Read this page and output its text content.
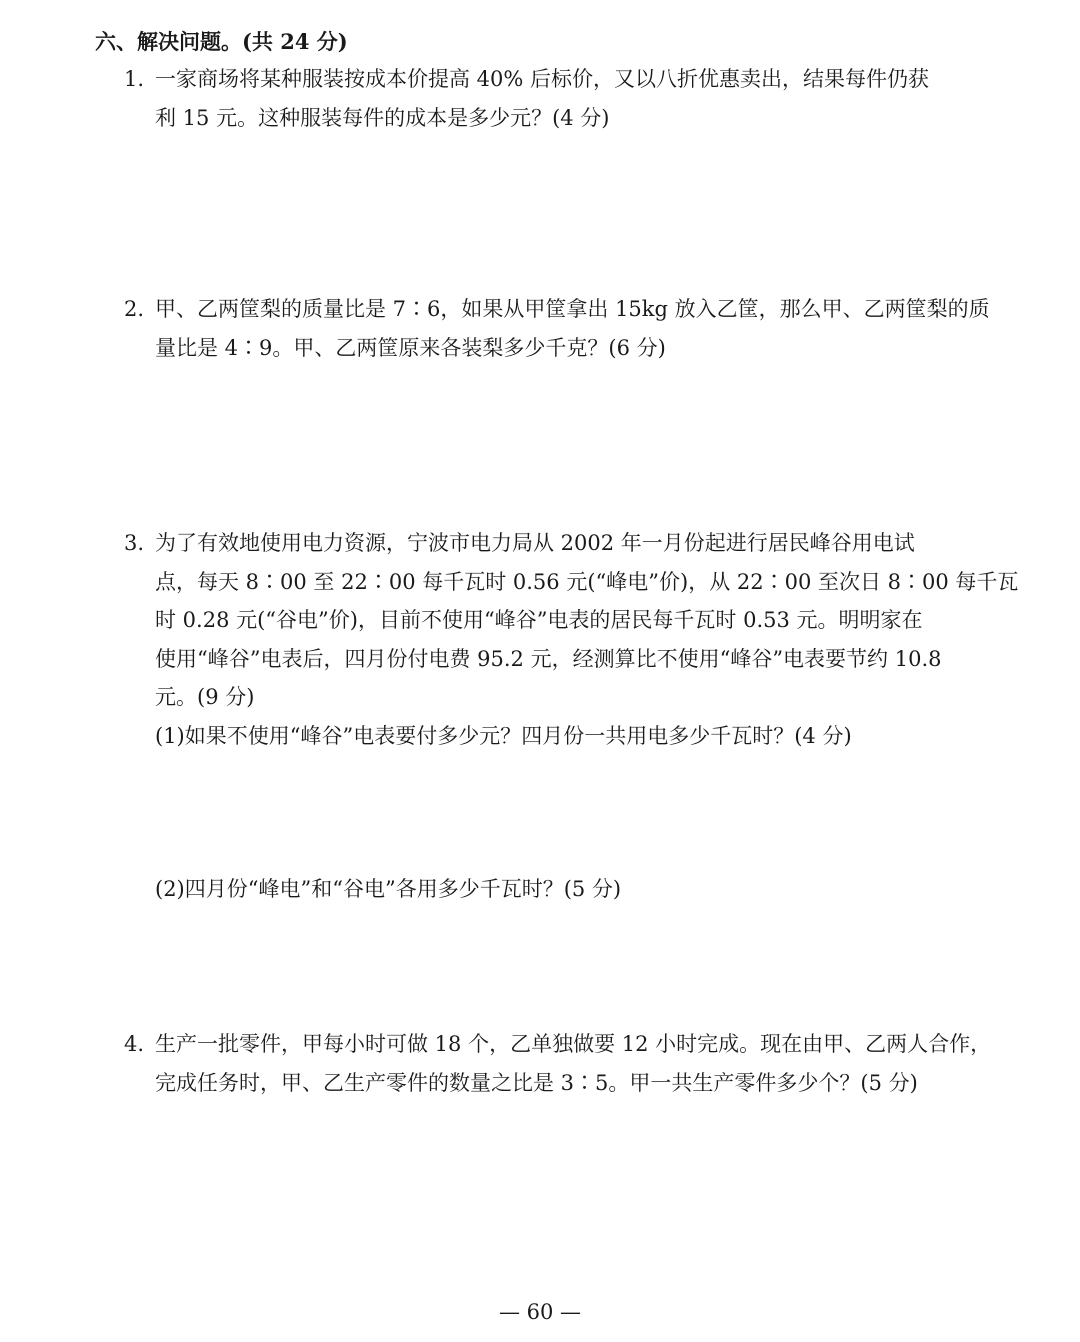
六、解决问题。(共 24 分)
1. 一家商场将某种服装按成本价提高 40% 后标价，又以八折优惠卖出，结果每件仍获
利 15 元。这种服装每件的成本是多少元？(4 分)
2. 甲、乙两筐梨的质量比是 7∶6，如果从甲筐拿出 15kg 放入乙筐，那么甲、乙两筐梨的质
量比是 4∶9。甲、乙两筐原来各装梨多少千克？(6 分)
3. 为了有效地使用电力资源，宁波市电力局从 2002 年一月份起进行居民峰谷用电试
点，每天 8∶00 至 22∶00 每千瓦时 0.56 元(“峰电”价)，从 22∶00 至次日 8∶00 每千瓦
时 0.28 元(“谷电”价)，目前不使用“峰谷”电表的居民每千瓦时 0.53 元。明明家在
使用“峰谷”电表后，四月份付电费 95.2 元，经测算比不使用“峰谷”电表要节约 10.8
元。(9 分)
(1)如果不使用“峰谷”电表要付多少元？四月份一共用电多少千瓦时？(4 分)
(2)四月份“峰电”和“谷电”各用多少千瓦时？(5 分)
4. 生产一批零件，甲每小时可做 18 个，乙单独做要 12 小时完成。现在由甲、乙两人合作，
完成任务时，甲、乙生产零件的数量之比是 3∶5。甲一共生产零件多少个？(5 分)
— 60 —
